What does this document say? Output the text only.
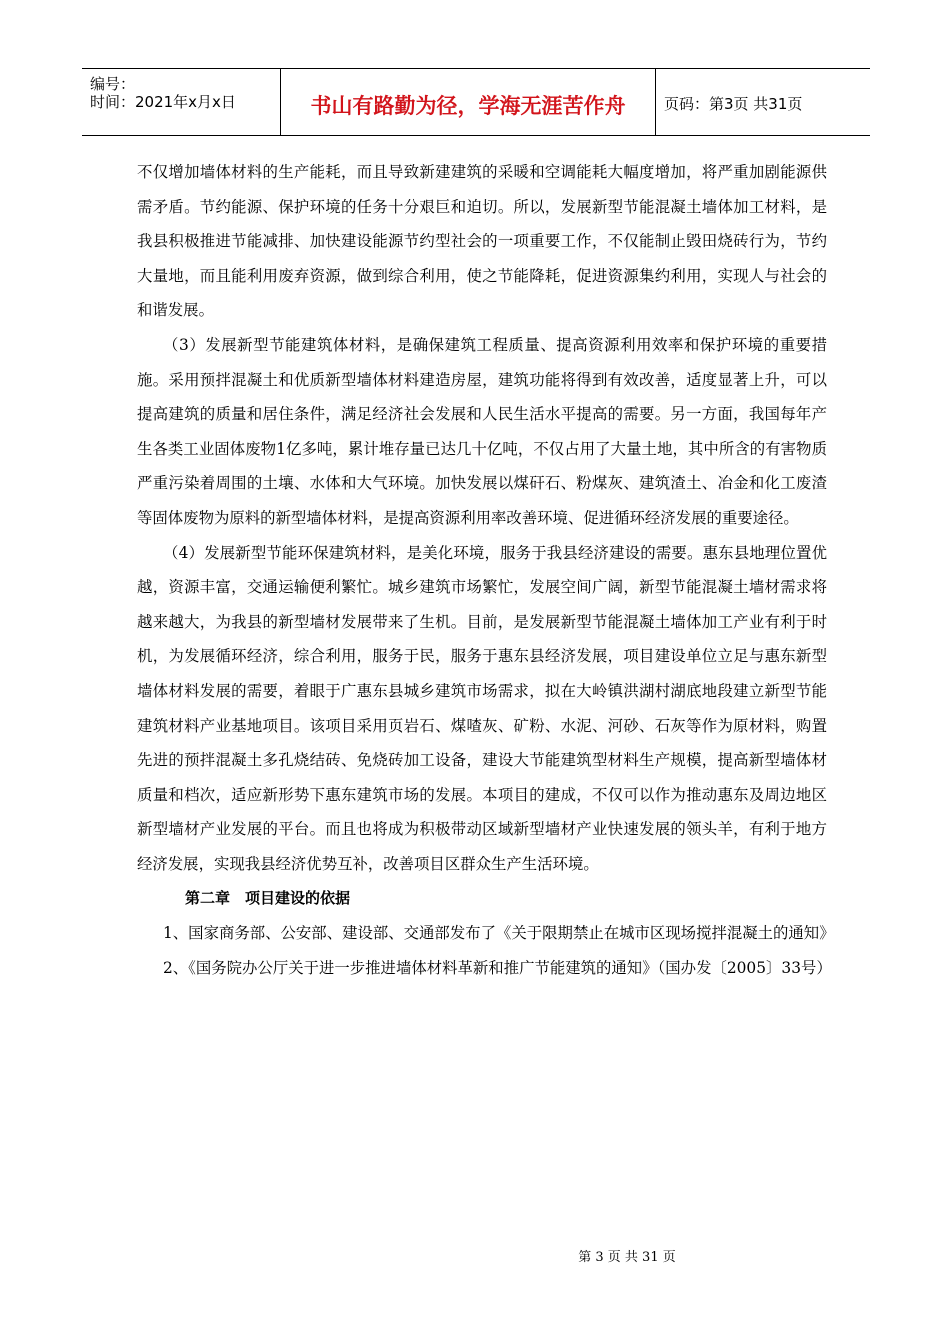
编号：
时间：2021年x月x日	书山有路勤为径，学海无涯苦作舟	页码：第3页 共31页

不仅增加墙体材料的生产能耗，而且导致新建建筑的采暖和空调能耗大幅度增加，将严重加剧能源供需矛盾。节约能源、保护环境的任务十分艰巨和迫切。所以，发展新型节能混凝土墙体加工材料，是我县积极推进节能减排、加快建设能源节约型社会的一项重要工作，不仅能制止毁田烧砖行为，节约大量地，而且能利用废弃资源，做到综合利用，使之节能降耗，促进资源集约利用，实现人与社会的和谐发展。

（3）发展新型节能建筑体材料，是确保建筑工程质量、提高资源利用效率和保护环境的重要措施。采用预拌混凝土和优质新型墙体材料建造房屋，建筑功能将得到有效改善，适度显著上升，可以提高建筑的质量和居住条件，满足经济社会发展和人民生活水平提高的需要。另一方面，我国每年产生各类工业固体废物1亿多吨，累计堆存量已达几十亿吨，不仅占用了大量土地，其中所含的有害物质严重污染着周围的土壤、水体和大气环境。加快发展以煤矸石、粉煤灰、建筑渣土、冶金和化工废渣等固体废物为原料的新型墙体材料，是提高资源利用率改善环境、促进循环经济发展的重要途径。

（4）发展新型节能环保建筑材料，是美化环境，服务于我县经济建设的需要。惠东县地理位置优越，资源丰富，交通运输便利繁忙。城乡建筑市场繁忙，发展空间广阔，新型节能混凝土墙材需求将越来越大，为我县的新型墙材发展带来了生机。目前，是发展新型节能混凝土墙体加工产业有利于时机，为发展循环经济，综合利用，服务于民，服务于惠东县经济发展，项目建设单位立足与惠东新型墙体材料发展的需要，着眼于广惠东县城乡建筑市场需求，拟在大岭镇洪湖村湖底地段建立新型节能建筑材料产业基地项目。该项目采用页岩石、煤喳灰、矿粉、水泥、河砂、石灰等作为原材料，购置先进的预拌混凝土多孔烧结砖、免烧砖加工设备，建设大节能建筑型材料生产规模，提高新型墙体材质量和档次，适应新形势下惠东建筑市场的发展。本项目的建成，不仅可以作为推动惠东及周边地区新型墙材产业发展的平台。而且也将成为积极带动区域新型墙材产业快速发展的领头羊，有利于地方经济发展，实现我县经济优势互补，改善项目区群众生产生活环境。

第二章　项目建设的依据

1、国家商务部、公安部、建设部、交通部发布了《关于限期禁止在城市区现场搅拌混凝土的通知》

2、《国务院办公厅关于进一步推进墙体材料革新和推广节能建筑的通知》（国办发〔2005〕33号）

第 3 页 共 31 页
